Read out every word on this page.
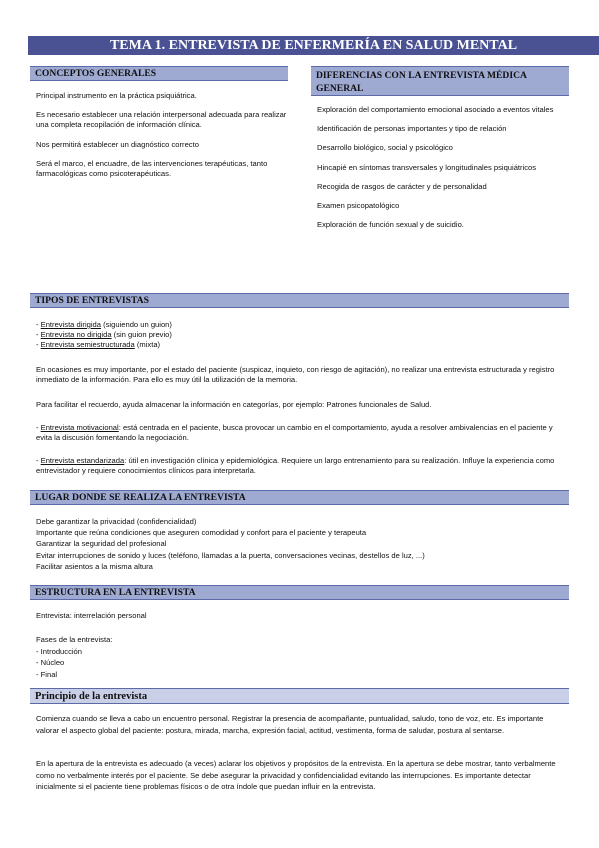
TEMA 1. ENTREVISTA DE ENFERMERÍA EN SALUD MENTAL
CONCEPTOS GENERALES

Principal instrumento en la práctica psiquiátrica.

Es necesario establecer una relación interpersonal adecuada para realizar una completa recopilación de información clínica.

Nos permitirá establecer un diagnóstico correcto

Será el marco, el encuadre, de las intervenciones terapéuticas, tanto farmacológicas como psicoterapéuticas.

DIFERENCIAS CON LA ENTREVISTA MÉDICA GENERAL

Exploración del comportamiento emocional asociado a eventos vitales

Identificación de personas importantes y tipo de relación

Desarrollo biológico, social y psicológico

Hincapié en síntomas transversales y longitudinales psiquiátricos

Recogida de rasgos de carácter y de personalidad

Examen psicopatológico

Exploración de función sexual y de suicidio.

TIPOS DE ENTREVISTAS
- Entrevista dirigida (siguiendo un guion)
- Entrevista no dirigida (sin guion previo)
- Entrevista semiestructurada (mixta)

En ocasiones es muy importante, por el estado del paciente (suspicaz, inquieto, con riesgo de agitación), no realizar una entrevista estructurada y registro inmediato de la información. Para ello es muy útil la utilización de la memoria.

Para facilitar el recuerdo, ayuda almacenar la información en categorías, por ejemplo: Patrones funcionales de Salud.

- Entrevista motivacional: está centrada en el paciente, busca provocar un cambio en el comportamiento, ayuda a resolver ambivalencias en el paciente y evita la discusión fomentando la negociación.

- Entrevista estandarizada: útil en investigación clínica y epidemiológica. Requiere un largo entrenamiento para su realización. Influye la experiencia como entrevistador y requiere conocimientos clínicos para interpretarla.

LUGAR DONDE SE REALIZA LA ENTREVISTA
Debe garantizar la privacidad (confidencialidad)
Importante que reúna condiciones que aseguren comodidad y confort para el paciente y terapeuta
Garantizar la seguridad del profesional
Evitar interrupciones de sonido y luces (teléfono, llamadas a la puerta, conversaciones vecinas, destellos de luz, ...)
Facilitar asientos a la misma altura
ESTRUCTURA EN LA ENTREVISTA

Entrevista: interrelación personal

Fases de la entrevista:
- Introducción
- Núcleo
- Final
Principio de la entrevista

Comienza cuando se lleva a cabo un encuentro personal. Registrar la presencia de acompañante, puntualidad, saludo, tono de voz, etc. Es importante valorar el aspecto global del paciente: postura, mirada, marcha, expresión facial, actitud, vestimenta, forma de saludar, postura al sentarse.

En la apertura de la entrevista es adecuado (a veces) aclarar los objetivos y propósitos de la entrevista. En la apertura se debe mostrar, tanto verbalmente como no verbalmente interés por el paciente. Se debe asegurar la privacidad y confidencialidad evitando las interrupciones. Es importante detectar inicialmente si el paciente tiene problemas físicos o de otra índole que puedan influir en la entrevista.
